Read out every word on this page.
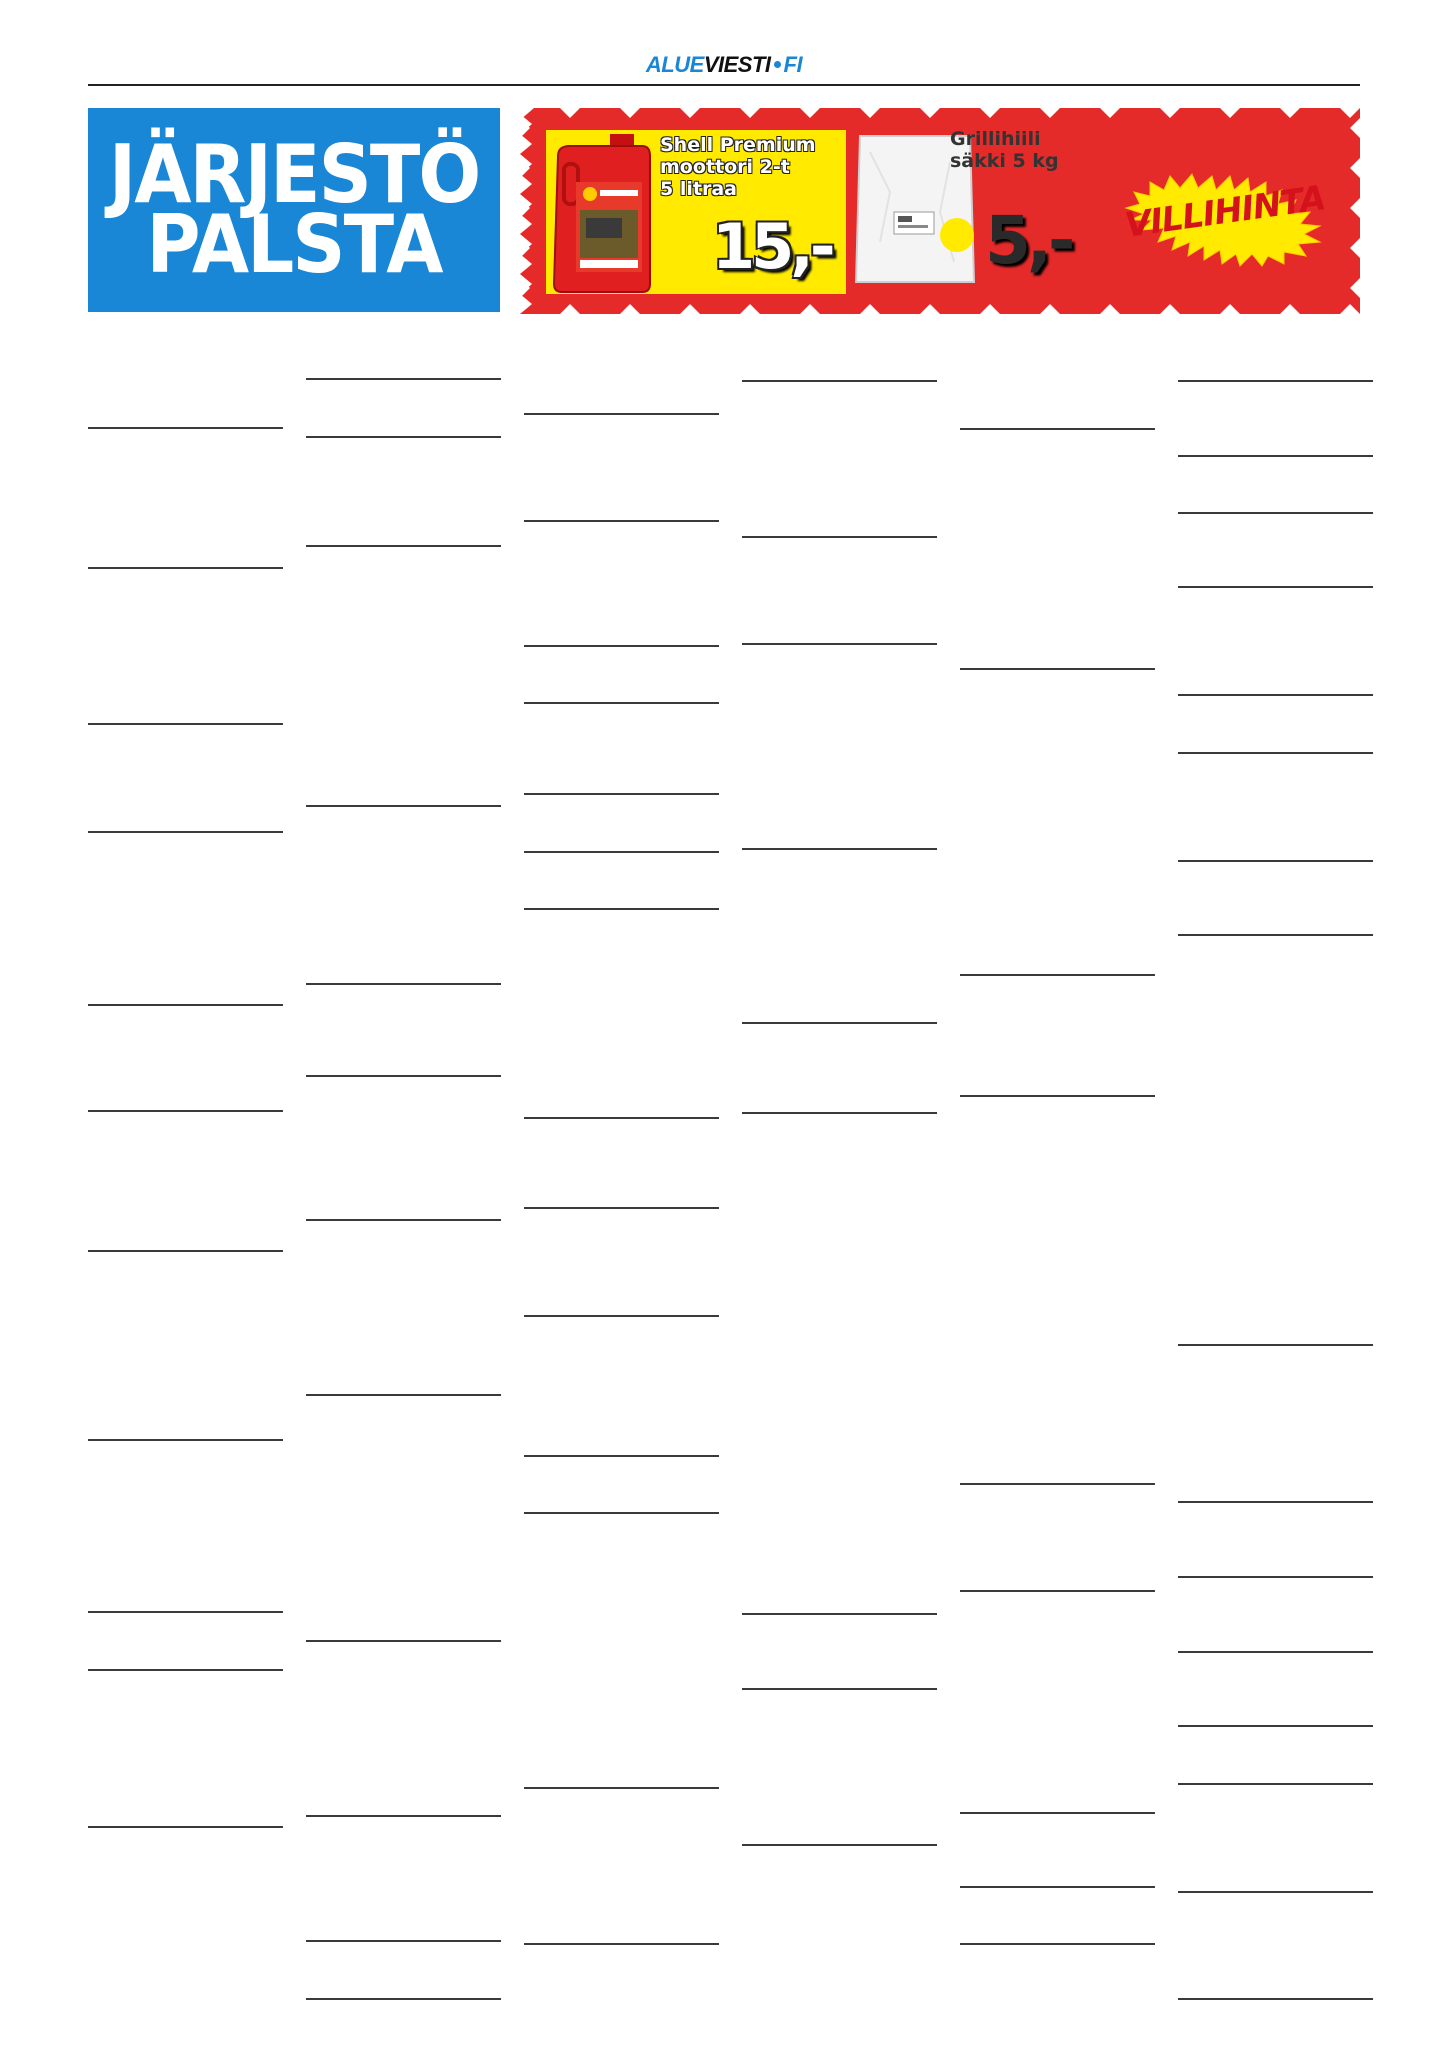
ALUEVIESTI FI
JÄRJESTÖ
PALSTA
Shell Premium
moottori 2-t
5 litraa
15,-
Grillihiili
säkki 5 kg
5,- VILLIHINTA
